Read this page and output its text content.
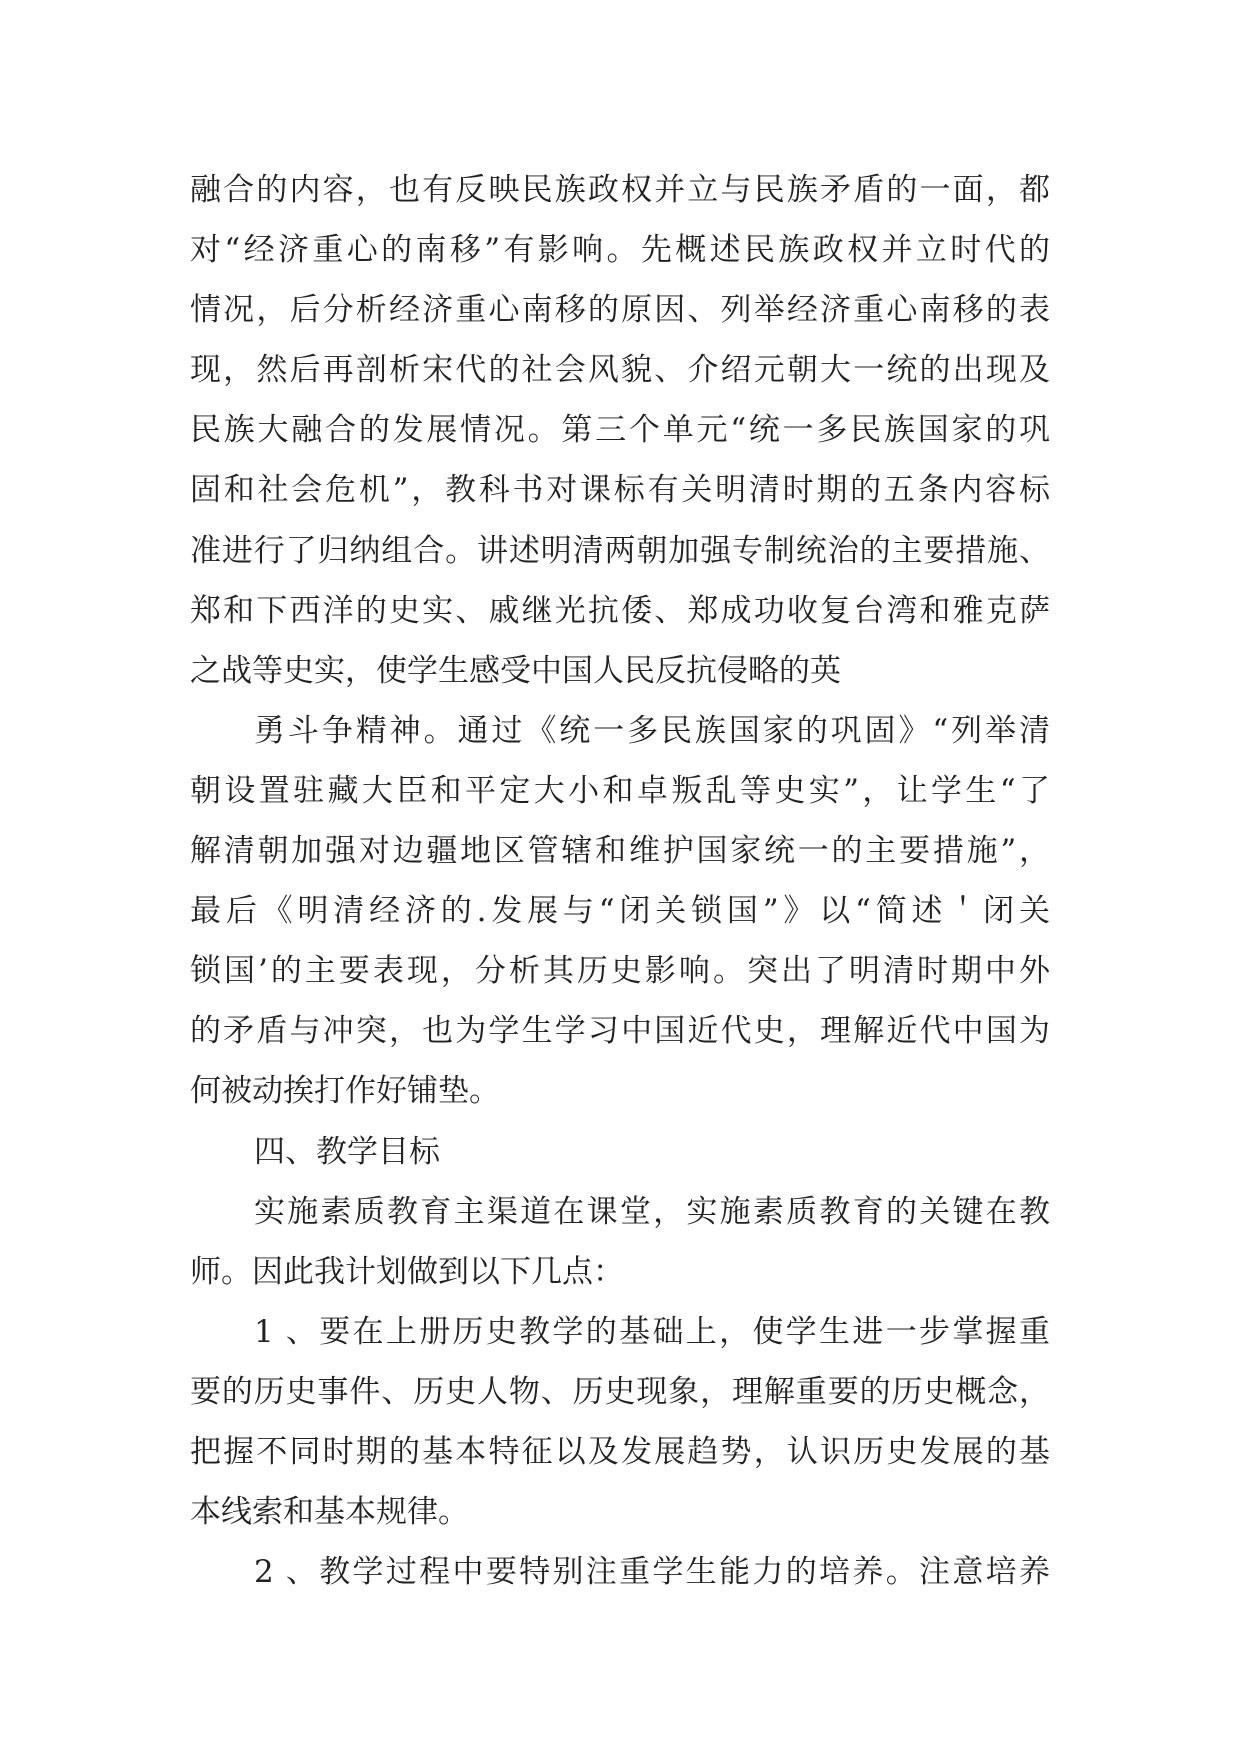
融合的内容，也有反映民族政权并立与民族矛盾的一面，都
对“经济重心的南移”有影响。先概述民族政权并立时代的
情况，后分析经济重心南移的原因、列举经济重心南移的表
现，然后再剖析宋代的社会风貌、介绍元朝大一统的出现及
民族大融合的发展情况。第三个单元“统一多民族国家的巩
固和社会危机”，教科书对课标有关明清时期的五条内容标
准进行了归纳组合。讲述明清两朝加强专制统治的主要措施、
郑和下西洋的史实、戚继光抗倭、郑成功收复台湾和雅克萨
之战等史实，使学生感受中国人民反抗侵略的英
勇斗争精神。通过《统一多民族国家的巩固》“列举清
朝设置驻藏大臣和平定大小和卓叛乱等史实”，让学生“了
解清朝加强对边疆地区管辖和维护国家统一的主要措施”，
最后《明清经济的.发展与“闭关锁国”》以“简述＇闭关
锁国’的主要表现，分析其历史影响。突出了明清时期中外
的矛盾与冲突，也为学生学习中国近代史，理解近代中国为
何被动挨打作好铺垫。
四、教学目标
实施素质教育主渠道在课堂，实施素质教育的关键在教
师。因此我计划做到以下几点：
1 、要在上册历史教学的基础上，使学生进一步掌握重
要的历史事件、历史人物、历史现象，理解重要的历史概念，
把握不同时期的基本特征以及发展趋势，认识历史发展的基
本线索和基本规律。
2 、教学过程中要特别注重学生能力的培养。注意培养
